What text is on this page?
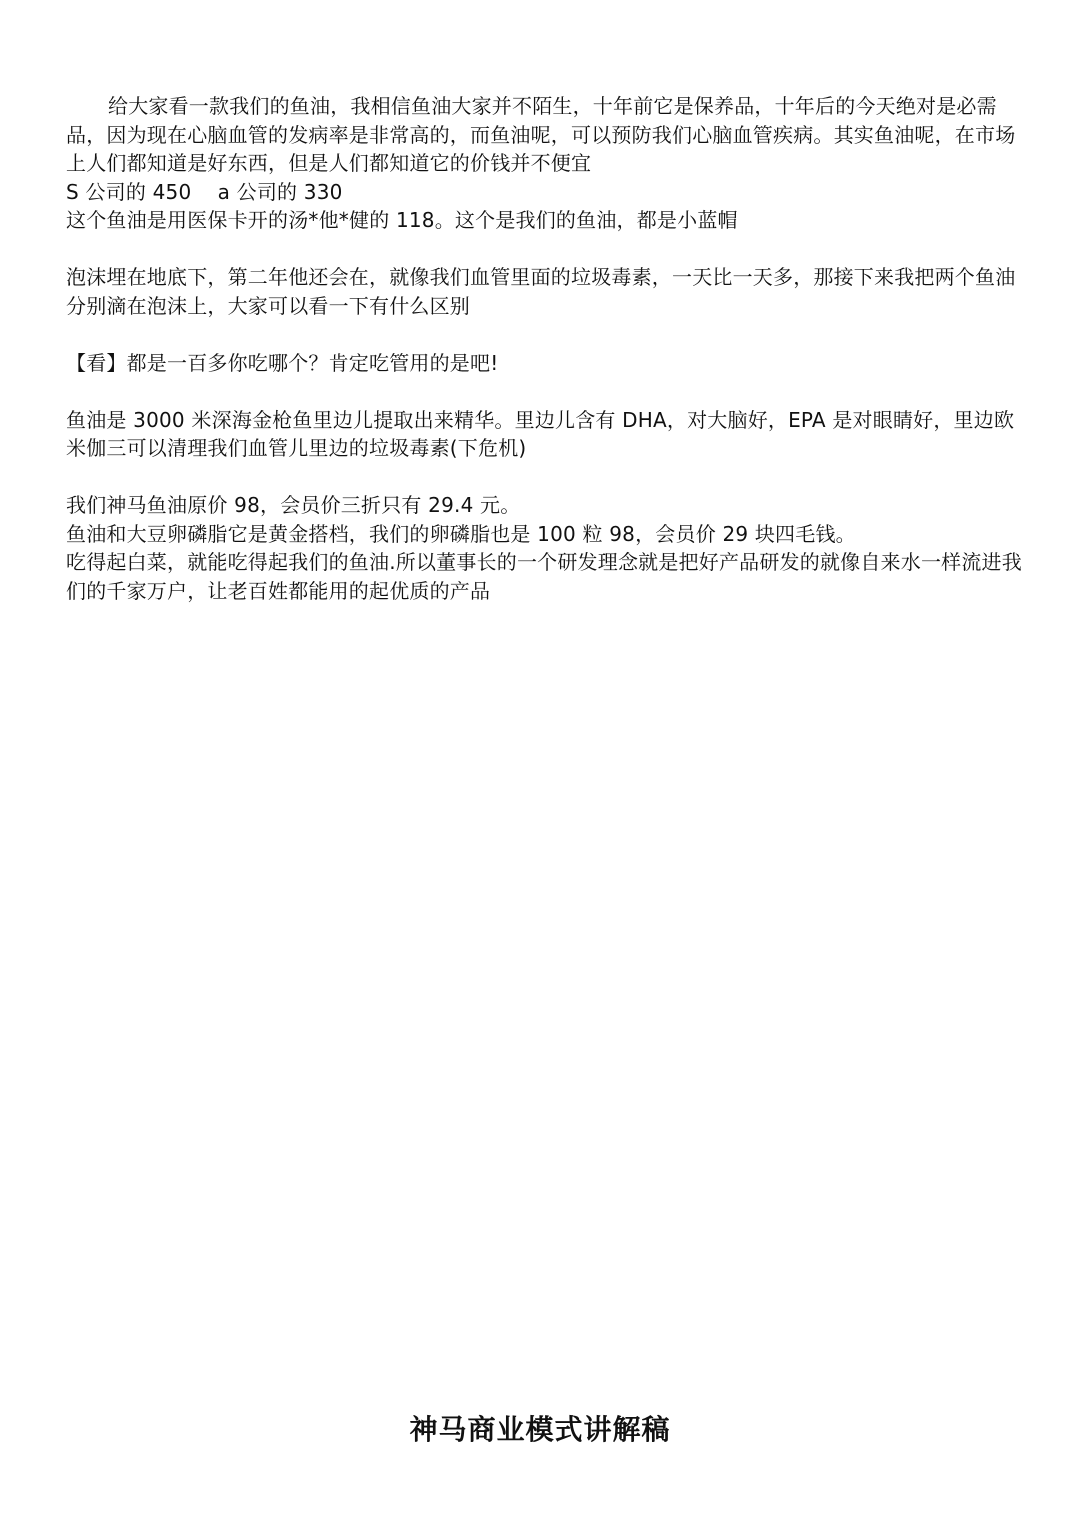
给大家看一款我们的鱼油，我相信鱼油大家并不陌生，十年前它是保养品，十年后的今天绝对是必需品，因为现在心脑血管的发病率是非常高的，而鱼油呢，可以预防我们心脑血管疾病。其实鱼油呢，在市场上人们都知道是好东西，但是人们都知道它的价钱并不便宜

S 公司的 450    a 公司的 330

这个鱼油是用医保卡开的汤*他*健的 118。这个是我们的鱼油，都是小蓝帽

泡沫埋在地底下，第二年他还会在，就像我们血管里面的垃圾毒素，一天比一天多，那接下来我把两个鱼油分别滴在泡沫上，大家可以看一下有什么区别

【看】都是一百多你吃哪个？肯定吃管用的是吧!

鱼油是 3000 米深海金枪鱼里边儿提取出来精华。里边儿含有 DHA，对大脑好，EPA 是对眼睛好，里边欧米伽三可以清理我们血管儿里边的垃圾毒素(下危机)

我们神马鱼油原价 98，会员价三折只有 29.4 元。

鱼油和大豆卵磷脂它是黄金搭档，我们的卵磷脂也是 100 粒 98，会员价 29 块四毛钱。

吃得起白菜，就能吃得起我们的鱼油.所以董事长的一个研发理念就是把好产品研发的就像自来水一样流进我们的千家万户，让老百姓都能用的起优质的产品

神马商业模式讲解稿
